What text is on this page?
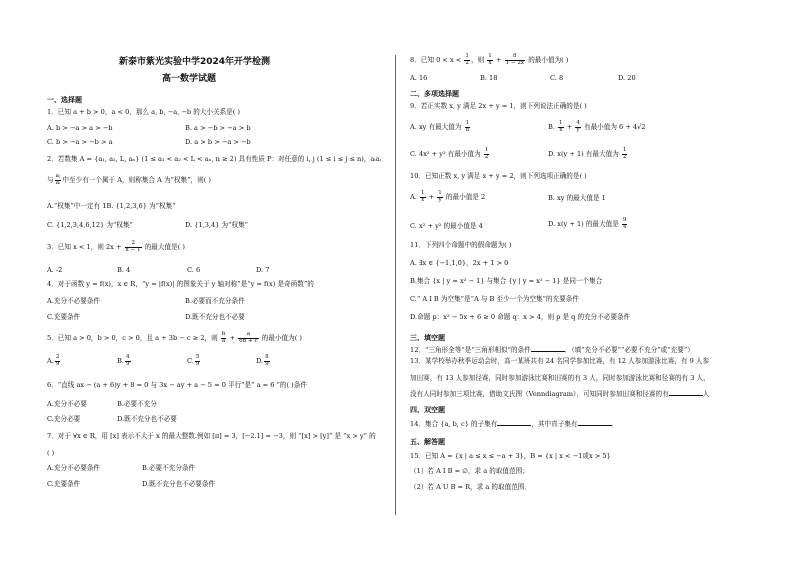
新泰市紫光实验中学2024年开学检测
高一数学试题
一、选择题
1．已知 a + b > 0，a < 0，那么 a, b, −a, −b 的大小关系是( )
A. b > −a > a > −b	B. a > −b > −a > b
C. b > −a > −b > a	D. a > b > −a > −b
2．若数集 A = {a₁, a₂, L, aₙ} (1 ≤ a₁ < a₂ < L < aₙ, n ≥ 2) 具有性质 P：对任意的 i, j (1 ≤ i ≤ j ≤ n)，aᵢaⱼ
与 $\frac{\text{aⱼ}}{\text{aᵢ}}$ 中至少有一个属于 A，则称集合 A 为“权集”，则( )
A.“权集”中一定有 1B. {1,2,3,6} 为“权集”
C. {1,2,3,4,6,12} 为“权集”	D. {1,3,4} 为“权集”
3．已知 x < 1，则 $2x + \frac{2}{x - 1}$ 的最大值是( )
A. -2	B. 4	C. 6	D. 7
4．对于函数 y = f(x)，x ∈ R，“y = |f(x)| 的图象关于 y 轴对称”是“y = f(x) 是奇函数”的
A.充分不必要条件	B.必要而不充分条件
C.充要条件	D.既不充分也不必要
5．已知 a > 0，b > 0，c > 0，且 a + 3b − c ≥ 2，则 $\frac{b}{a} + \frac{a}{6b + c}$ 的最小值为( )
A. $\frac{2}{9}$	B. $\frac{4}{9}$	C. $\frac{5}{9}$	D. $\frac{8}{9}$
6．“直线 ax − (a + 6)y + 8 = 0 与 3x − ay + a − 5 = 0 平行”是“ a = 6 ”的( )条件
A.充分不必要	B.必要不充分
C.充分必要	D.既不充分也不必要
7．对于 ∀x ∈ R，用 [x] 表示不大于 x 的最大整数.例如 [π] = 3，[−2.1] = −3，则 “[x] > [y]” 是 “x > y” 的
( )
A.充分不必要条件	B.必要不充分条件
C.充要条件	D.既不充分也不必要条件
8．已知 $0 < x < \frac{1}{2}$ ，则 $\frac{1}{x} + \frac{8}{1 - 2x}$ 的最小值为( )
A. 16	B. 18	C. 8	D. 20
二、多项选择题
9．若正实数 x, y 满足 2x + y = 1，则下列说法正确的是( )
A. xy 有最大值为 $\frac{1}{8}$	B. $\frac{1}{x} + \frac{4}{y}$ 有最小值为 6 + 4√2
C. 4x² + y² 有最小值为 $\frac{1}{2}$	D. x(y + 1) 有最大值为 $\frac{1}{2}$
10．已知正数 x, y 满足 x + y = 2，则下列选项正确的是( )
A. $\frac{1}{x} + \frac{1}{y}$ 的最小值是 2	B. xy 的最大值是 1
C. x² + y² 的最小值是 4	D. x(y + 1) 的最大值是 $\frac{9}{4}$
11．下列四个命题中的假命题为( )
A. ∃x ∈ {−1,1,0}，2x + 1 > 0
B.集合 {x | y = x² − 1} 与集合 {y | y = x² − 1} 是同一个集合
C.“ A I B 为空集”是“A 与 B 至少一个为空集”的充要条件
D.命题 p：x² − 5x + 6 ≥ 0 命题 q：x > 4，则 p 是 q 的充分不必要条件
三、填空题
12．“三角形全等”是“三角形相似”的条件	．（填“充分不必要”“必要不充分”或“充要”）
13．某学校举办秋季运动会时，高一某班共有 24 名同学参加比赛，有 12 人参加游泳比赛，有 9 人参
加田赛，有 13 人参加径赛，同时参加游泳比赛和田赛的有 3 人，同时参加游泳比赛和径赛的有 3 人，
没有人同时参加三项比赛，借助文氏图（Venndiagram），可知同时参加田赛和径赛的有	人
四、双空题
14．集合 {a, b, c} 的子集有	，其中真子集有	．
五、解答题
15．已知 A = {x | a ≤ x ≤ −a + 3}，B = {x | x < −1或x > 5}
（1）若 A I B = ∅，求 a 的取值范围；
（2）若 A U B = R，求 a 的取值范围．
